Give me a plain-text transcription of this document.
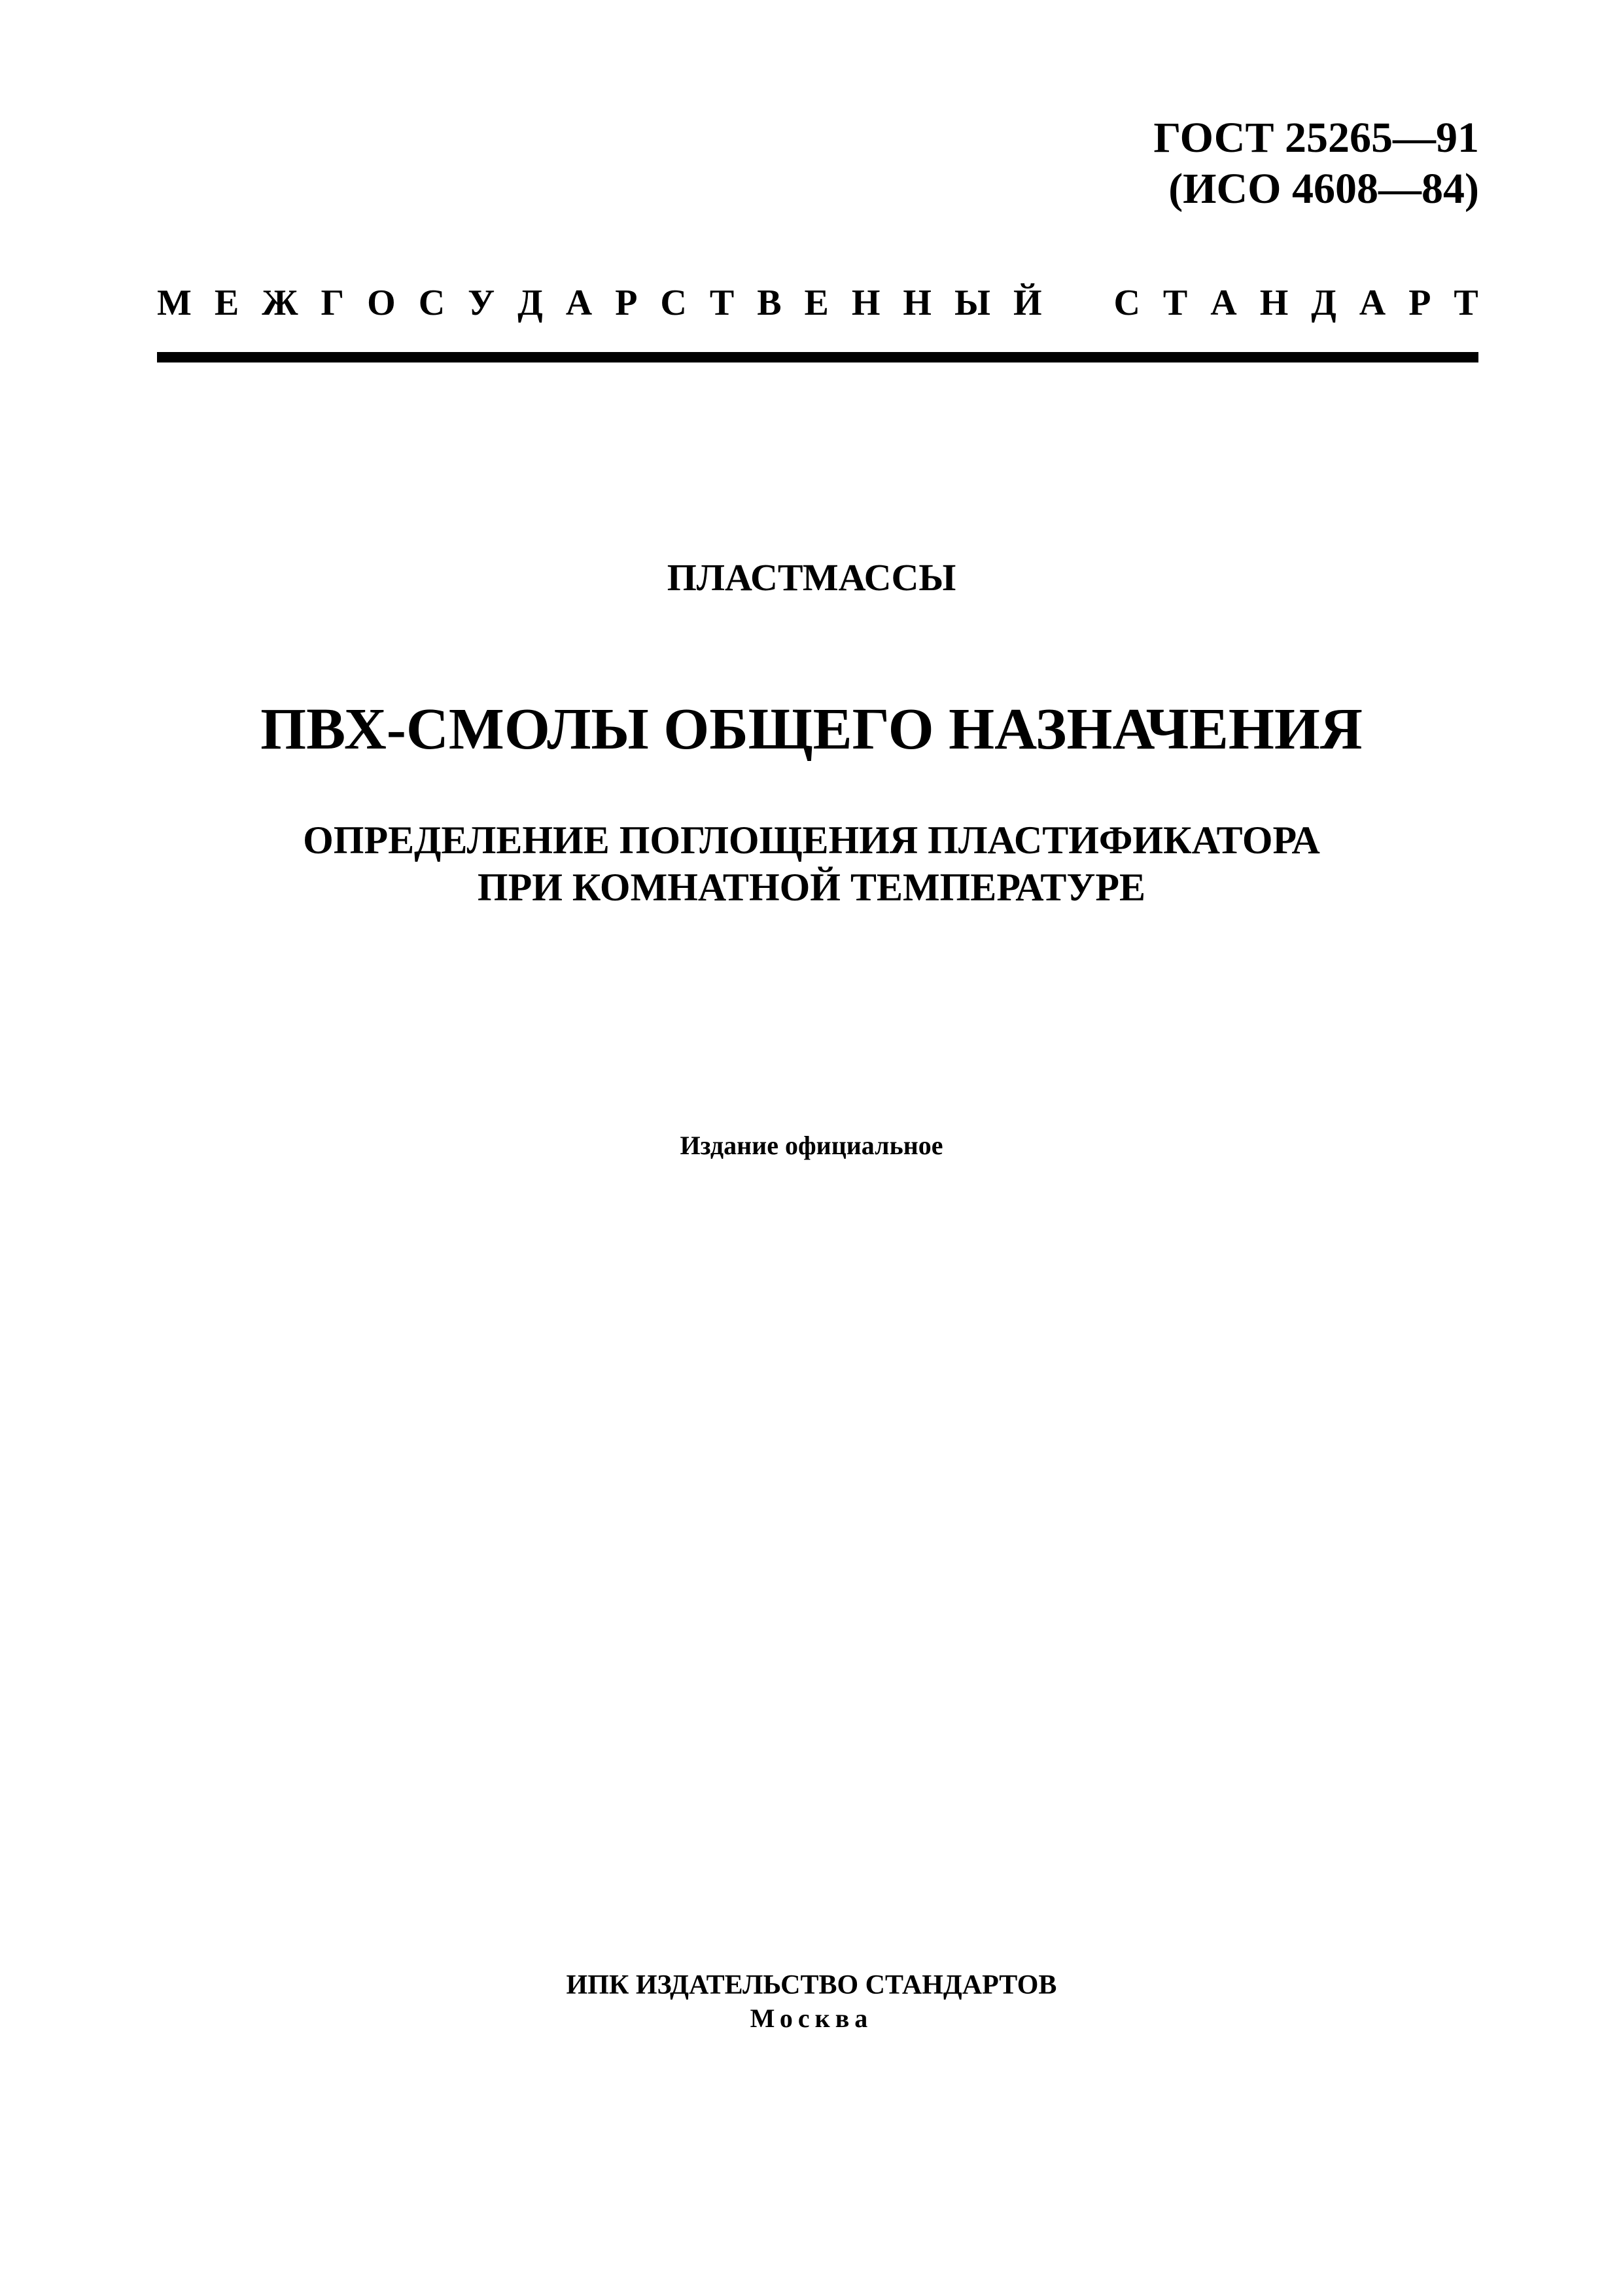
ГОСТ 25265—91
(ИСО 4608—84)
М Е Ж Г О С У Д А Р С Т В Е Н Н Ы Й С Т А Н Д А Р Т
ПЛАСТМАССЫ
ПВХ-СМОЛЫ ОБЩЕГО НАЗНАЧЕНИЯ
ОПРЕДЕЛЕНИЕ ПОГЛОЩЕНИЯ ПЛАСТИФИКАТОРА
ПРИ КОМНАТНОЙ ТЕМПЕРАТУРЕ

Издание официальное

ИПК ИЗДАТЕЛЬСТВО СТАНДАРТОВ

Москва
